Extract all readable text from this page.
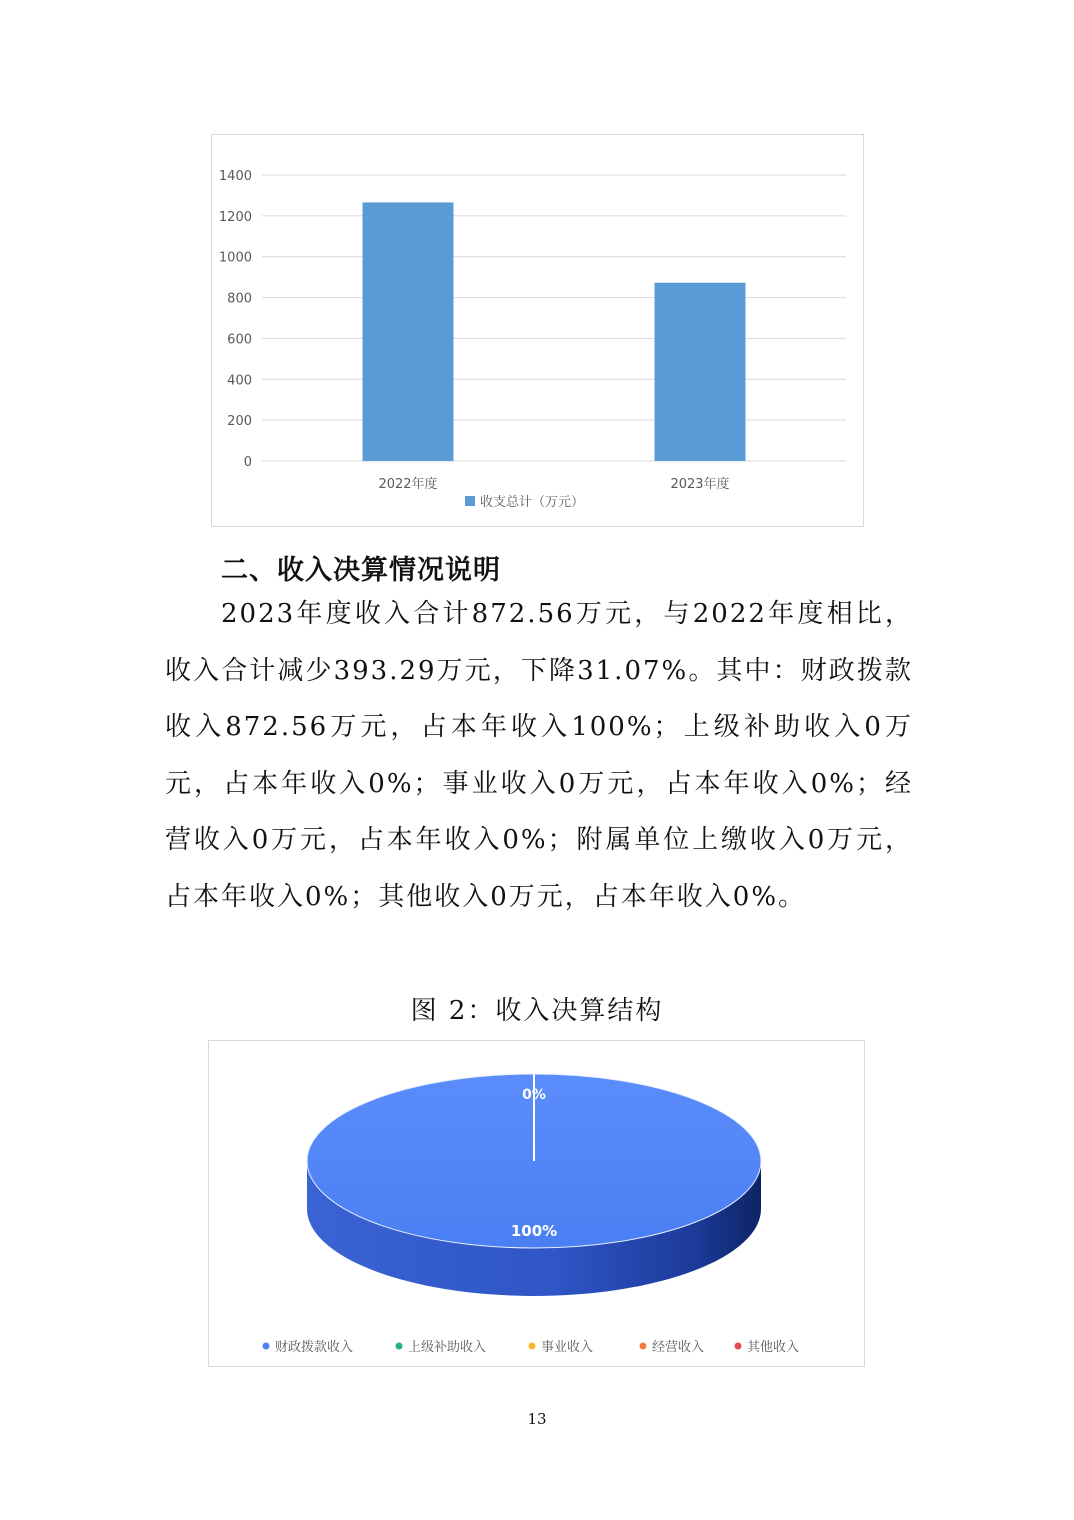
0
200
400
600
800
1000
1200
1400
2022年度	2023年度
收支总计（万元）
二、收入决算情况说明
2023年度收入合计872.56万元，与2022年度相比，收入合计减少393.29万元，下降31.07%。其中：财政拨款收入872.56万元，占本年收入100%；上级补助收入0万元，占本年收入0%；事业收入0万元，占本年收入0%；经营收入0万元，占本年收入0%；附属单位上缴收入0万元，占本年收入0%；其他收入0万元，占本年收入0%。
图 2：收入决算结构
0%
100%
财政拨款收入	上级补助收入	事业收入	经营收入	其他收入
13
